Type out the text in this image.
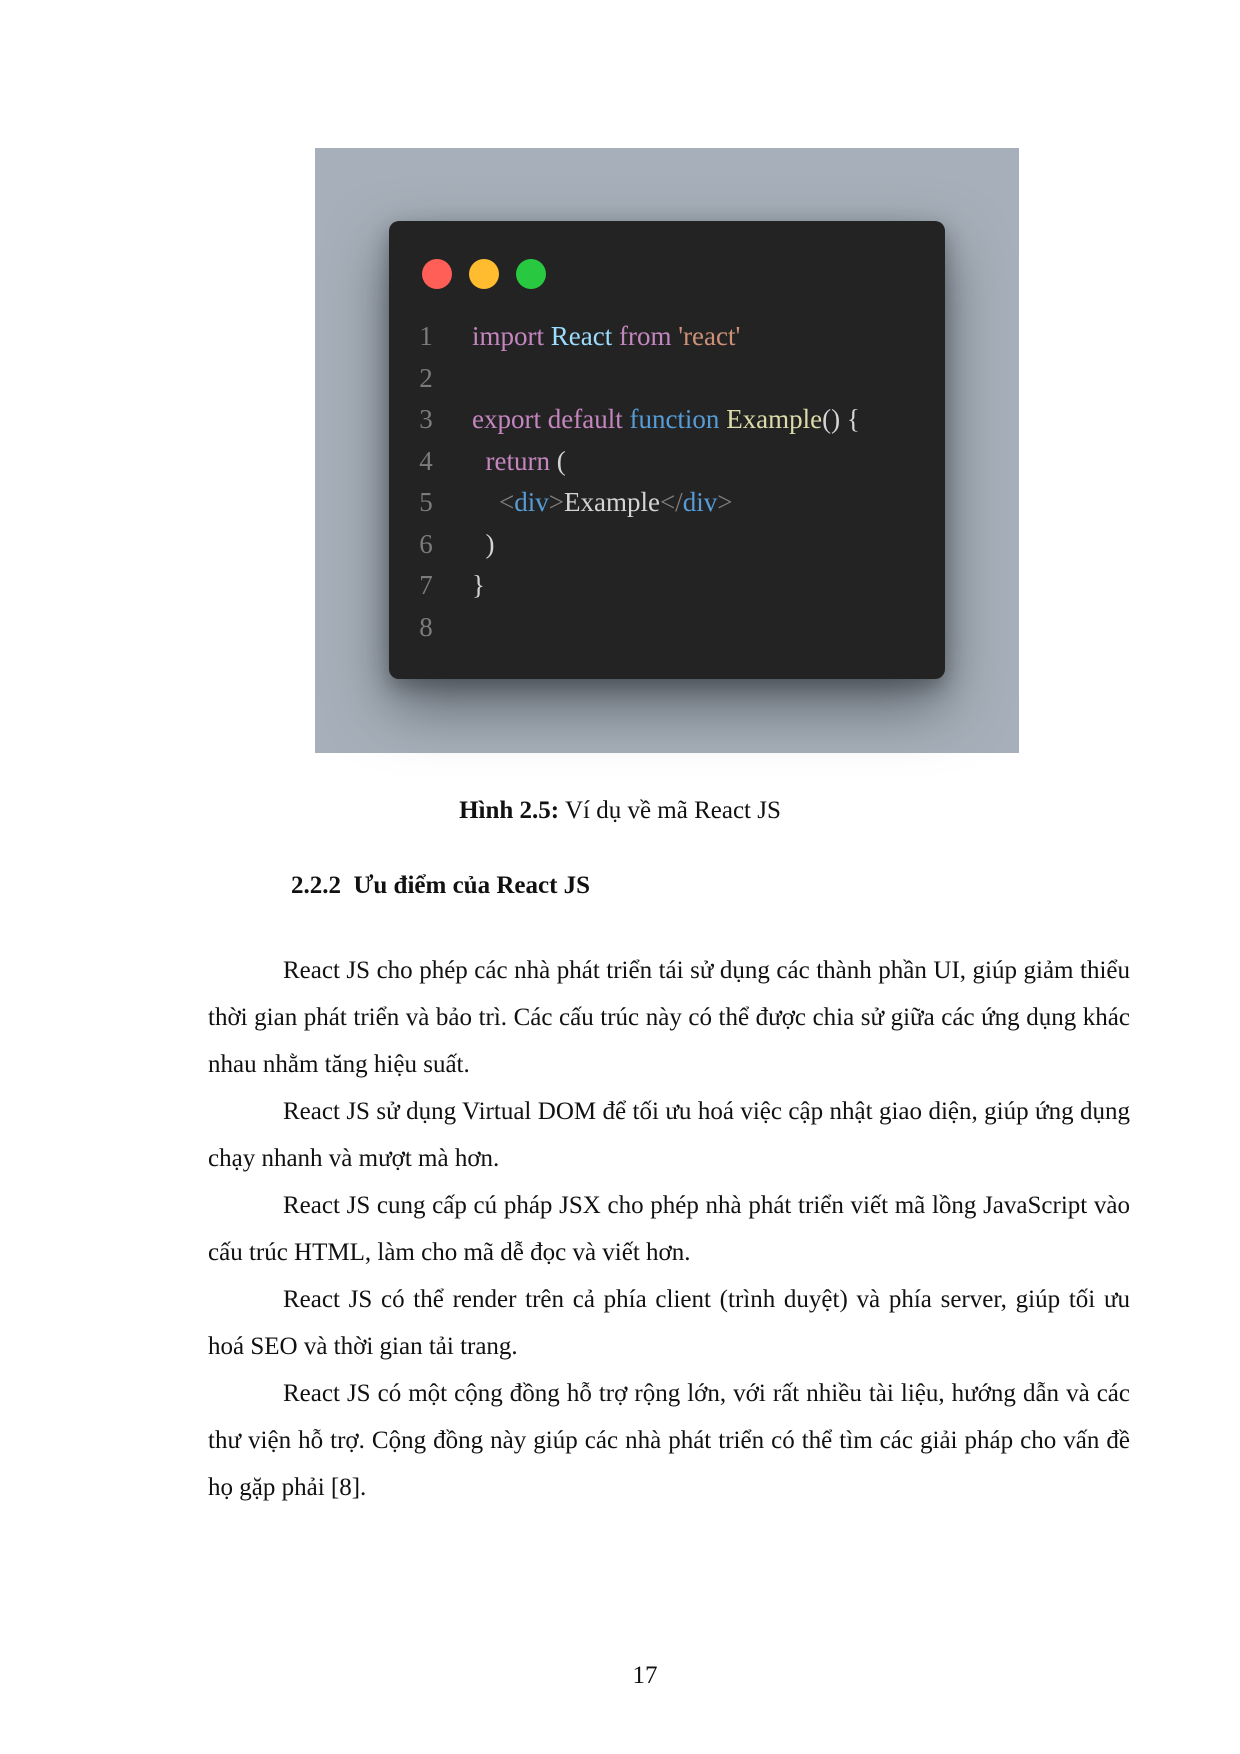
1	import React from 'react'
2
3	export default function Example() {
4	return (
5	<div>Example</div>
6	)
7	}
8
Hình 2.5: Ví dụ về mã React JS
2.2.2 Ưu điểm của React JS

React JS cho phép các nhà phát triển tái sử dụng các thành phần UI, giúp giảm thiểu thời gian phát triển và bảo trì. Các cấu trúc này có thể được chia sử giữa các ứng dụng khác nhau nhằm tăng hiệu suất.

React JS sử dụng Virtual DOM để tối ưu hoá việc cập nhật giao diện, giúp ứng dụng chạy nhanh và mượt mà hơn.

React JS cung cấp cú pháp JSX cho phép nhà phát triển viết mã lồng JavaScript vào cấu trúc HTML, làm cho mã dễ đọc và viết hơn.

React JS có thể render trên cả phía client (trình duyệt) và phía server, giúp tối ưu hoá SEO và thời gian tải trang.

React JS có một cộng đồng hỗ trợ rộng lớn, với rất nhiều tài liệu, hướng dẫn và các thư viện hỗ trợ. Cộng đồng này giúp các nhà phát triển có thể tìm các giải pháp cho vấn đề họ gặp phải [8].

17
